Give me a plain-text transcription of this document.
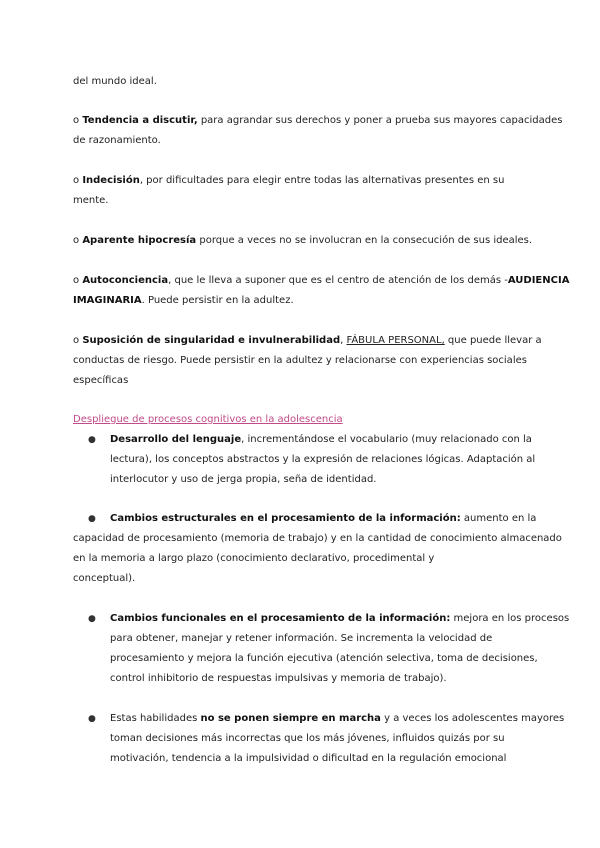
del mundo ideal.
o Tendencia a discutir, para agrandar sus derechos y poner a prueba sus mayores capacidades
de razonamiento.
o Indecisión, por dificultades para elegir entre todas las alternativas presentes en su
mente.
o Aparente hipocresía porque a veces no se involucran en la consecución de sus ideales.
o Autoconciencia, que le lleva a suponer que es el centro de atención de los demás -AUDIENCIA
IMAGINARIA. Puede persistir en la adultez.
o Suposición de singularidad e invulnerabilidad, FÁBULA PERSONAL, que puede llevar a
conductas de riesgo. Puede persistir en la adultez y relacionarse con experiencias sociales
específicas
Despliegue de procesos cognitivos en la adolescencia
● Desarrollo del lenguaje, incrementándose el vocabulario (muy relacionado con la
lectura), los conceptos abstractos y la expresión de relaciones lógicas. Adaptación al
interlocutor y uso de jerga propia, seña de identidad.
● Cambios estructurales en el procesamiento de la información: aumento en la
capacidad de procesamiento (memoria de trabajo) y en la cantidad de conocimiento almacenado
en la memoria a largo plazo (conocimiento declarativo, procedimental y
conceptual).
● Cambios funcionales en el procesamiento de la información: mejora en los procesos
para obtener, manejar y retener información. Se incrementa la velocidad de
procesamiento y mejora la función ejecutiva (atención selectiva, toma de decisiones,
control inhibitorio de respuestas impulsivas y memoria de trabajo).
● Estas habilidades no se ponen siempre en marcha y a veces los adolescentes mayores
toman decisiones más incorrectas que los más jóvenes, influidos quizás por su
motivación, tendencia a la impulsividad o dificultad en la regulación emocional
